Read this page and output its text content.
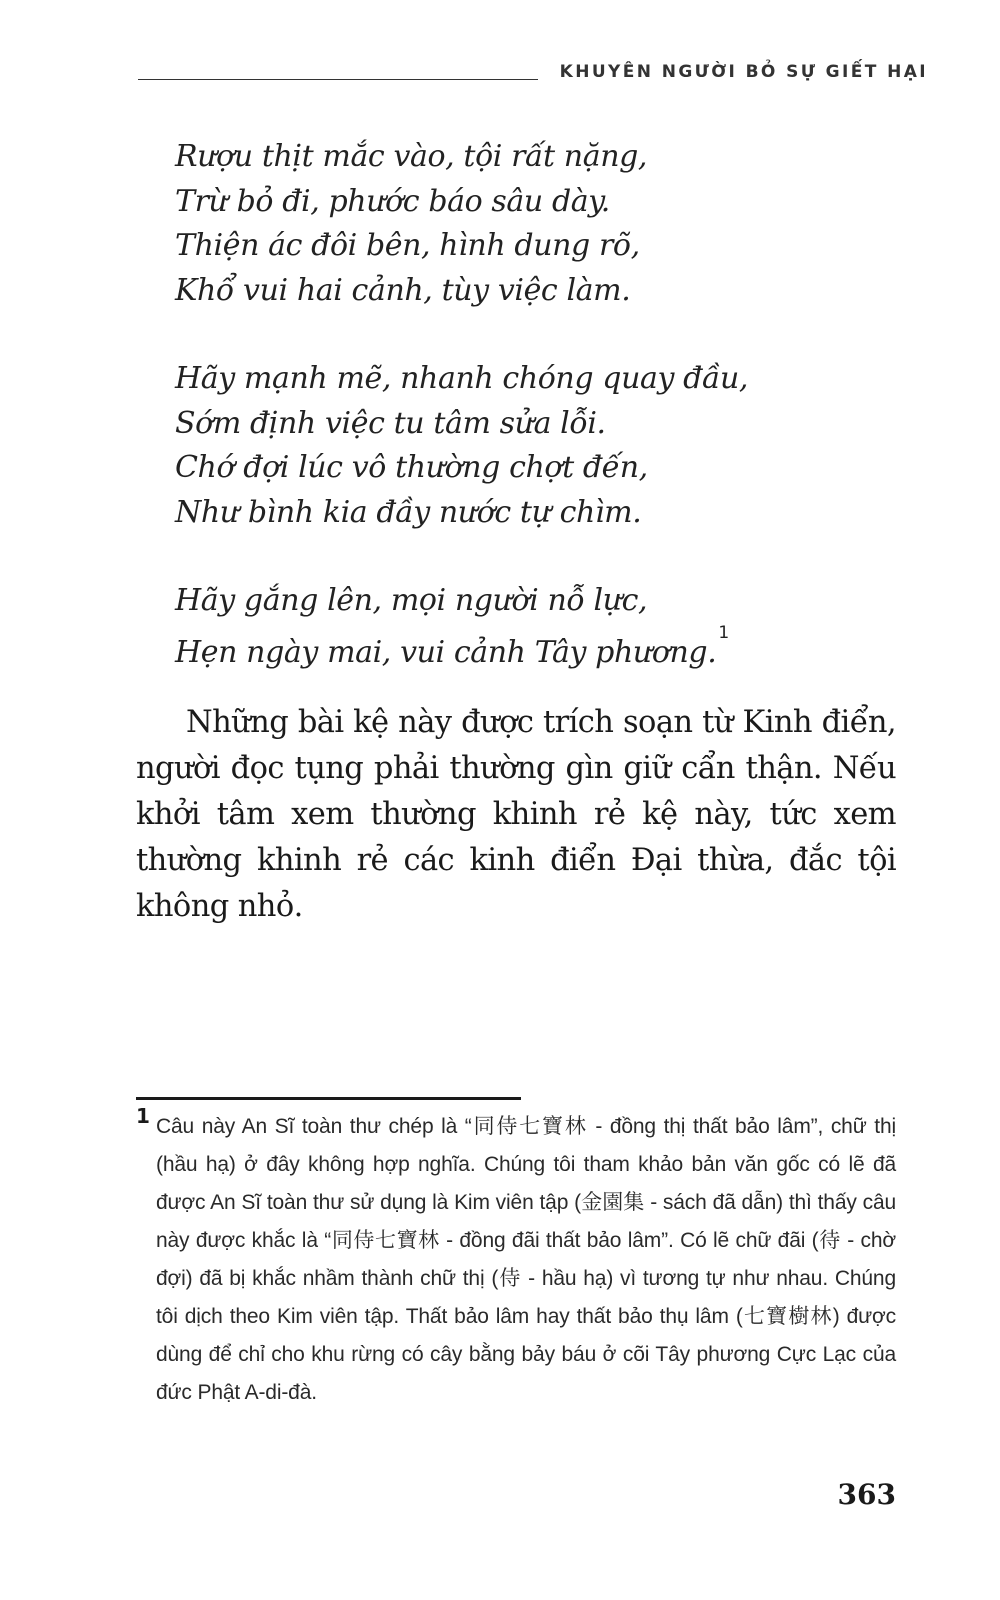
KHUYÊN NGƯỜI BỎ SỰ GIẾT HẠI
Rượu thịt mắc vào, tội rất nặng,
Trừ bỏ đi, phước báo sâu dày.
Thiện ác đôi bên, hình dung rõ,
Khổ vui hai cảnh, tùy việc làm.
Hãy mạnh mẽ, nhanh chóng quay đầu,
Sớm định việc tu tâm sửa lỗi.
Chớ đợi lúc vô thường chợt đến,
Như bình kia đầy nước tự chìm.
Hãy gắng lên, mọi người nỗ lực,
Hẹn ngày mai, vui cảnh Tây phương.$^1$

Những bài kệ này được trích soạn từ Kinh điển, người đọc tụng phải thường gìn giữ cẩn thận. Nếu khởi tâm xem thường khinh rẻ kệ này, tức xem thường khinh rẻ các kinh điển Đại thừa, đắc tội không nhỏ.

1 Câu này An Sĩ toàn thư chép là “同侍七寶林 - đồng thị thất bảo lâm”, chữ thị (hầu hạ) ở đây không hợp nghĩa. Chúng tôi tham khảo bản văn gốc có lẽ đã được An Sĩ toàn thư sử dụng là Kim viên tập (金園集 - sách đã dẫn) thì thấy câu này được khắc là “同侍七寶林 - đồng đãi thất bảo lâm”. Có lẽ chữ đãi (待 - chờ đợi) đã bị khắc nhầm thành chữ thị (侍 - hầu hạ) vì tương tự như nhau. Chúng tôi dịch theo Kim viên tập. Thất bảo lâm hay thất bảo thụ lâm (七寶樹林) được dùng để chỉ cho khu rừng có cây bằng bảy báu ở cõi Tây phương Cực Lạc của đức Phật A-di-đà.

363
